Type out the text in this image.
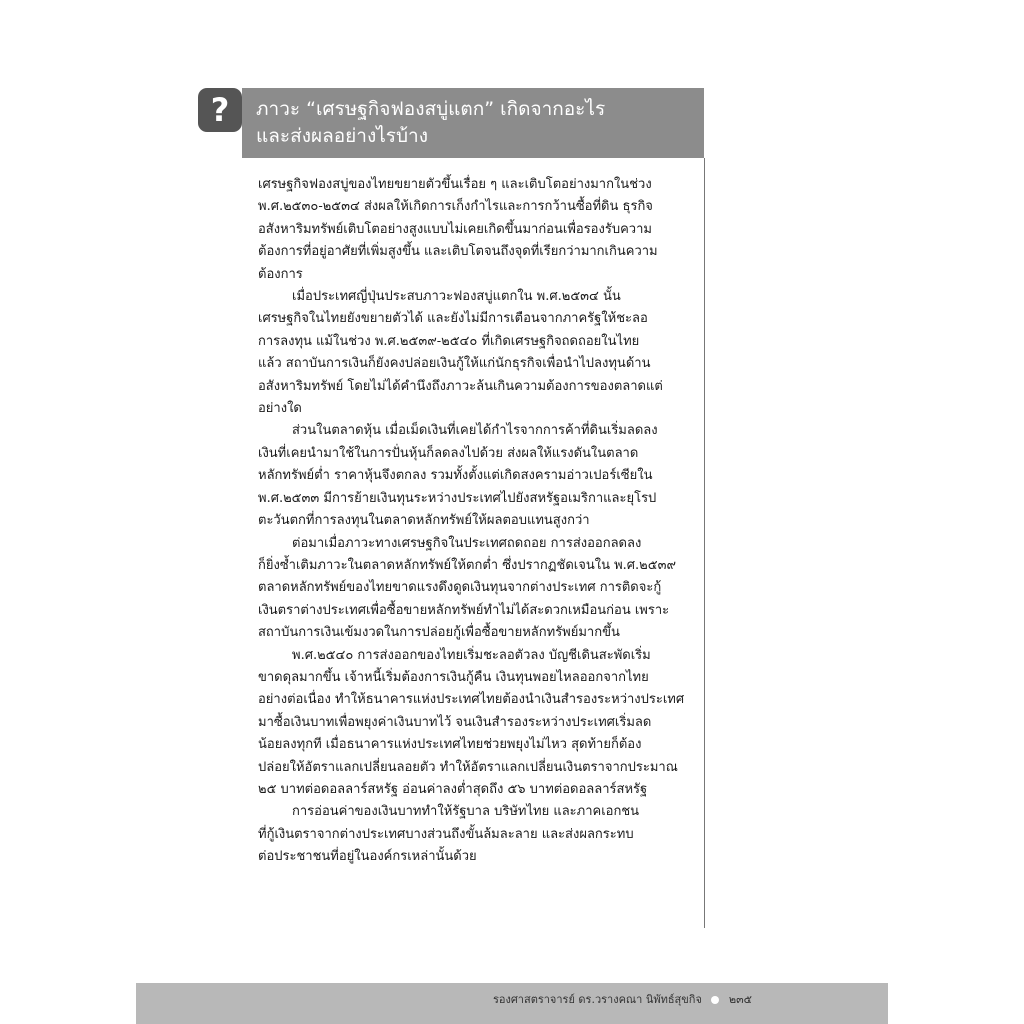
?	ภาวะ “เศรษฐกิจฟองสบู่แตก” เกิดจากอะไร
และส่งผลอย่างไรบ้าง

เศรษฐกิจฟองสบู่ของไทยขยายตัวขึ้นเรื่อย ๆ และเติบโตอย่างมากในช่วง
พ.ศ.๒๕๓๐-๒๕๓๔ ส่งผลให้เกิดการเก็งกำไรและการกว้านซื้อที่ดิน ธุรกิจ
อสังหาริมทรัพย์เติบโตอย่างสูงแบบไม่เคยเกิดขึ้นมาก่อนเพื่อรองรับความ
ต้องการที่อยู่อาศัยที่เพิ่มสูงขึ้น และเติบโตจนถึงจุดที่เรียกว่ามากเกินความ
ต้องการ

เมื่อประเทศญี่ปุ่นประสบภาวะฟองสบู่แตกใน พ.ศ.๒๕๓๔ นั้น
เศรษฐกิจในไทยยังขยายตัวได้ และยังไม่มีการเตือนจากภาครัฐให้ชะลอ
การลงทุน แม้ในช่วง พ.ศ.๒๕๓๙-๒๕๔๐ ที่เกิดเศรษฐกิจถดถอยในไทย
แล้ว สถาบันการเงินก็ยังคงปล่อยเงินกู้ให้แก่นักธุรกิจเพื่อนำไปลงทุนด้าน
อสังหาริมทรัพย์ โดยไม่ได้คำนึงถึงภาวะล้นเกินความต้องการของตลาดแต่
อย่างใด

ส่วนในตลาดหุ้น เมื่อเม็ดเงินที่เคยได้กำไรจากการค้าที่ดินเริ่มลดลง
เงินที่เคยนำมาใช้ในการปั่นหุ้นก็ลดลงไปด้วย ส่งผลให้แรงดันในตลาด
หลักทรัพย์ต่ำ ราคาหุ้นจึงตกลง รวมทั้งตั้งแต่เกิดสงครามอ่าวเปอร์เซียใน
พ.ศ.๒๕๓๓ มีการย้ายเงินทุนระหว่างประเทศไปยังสหรัฐอเมริกาและยุโรป
ตะวันตกที่การลงทุนในตลาดหลักทรัพย์ให้ผลตอบแทนสูงกว่า

ต่อมาเมื่อภาวะทางเศรษฐกิจในประเทศถดถอย การส่งออกลดลง
ก็ยิ่งซ้ำเติมภาวะในตลาดหลักทรัพย์ให้ตกต่ำ ซึ่งปรากฏชัดเจนใน พ.ศ.๒๕๓๙
ตลาดหลักทรัพย์ของไทยขาดแรงดึงดูดเงินทุนจากต่างประเทศ การติดจะกู้
เงินตราต่างประเทศเพื่อซื้อขายหลักทรัพย์ทำไม่ได้สะดวกเหมือนก่อน เพราะ
สถาบันการเงินเข้มงวดในการปล่อยกู้เพื่อซื้อขายหลักทรัพย์มากขึ้น

พ.ศ.๒๕๔๐ การส่งออกของไทยเริ่มชะลอตัวลง บัญชีเดินสะพัดเริ่ม
ขาดดุลมากขึ้น เจ้าหนี้เริ่มต้องการเงินกู้คืน เงินทุนพอยไหลออกจากไทย
อย่างต่อเนื่อง ทำให้ธนาคารแห่งประเทศไทยต้องนำเงินสำรองระหว่างประเทศ
มาซื้อเงินบาทเพื่อพยุงค่าเงินบาทไว้ จนเงินสำรองระหว่างประเทศเริ่มลด
น้อยลงทุกที เมื่อธนาคารแห่งประเทศไทยช่วยพยุงไม่ไหว สุดท้ายก็ต้อง
ปล่อยให้อัตราแลกเปลี่ยนลอยตัว ทำให้อัตราแลกเปลี่ยนเงินตราจากประมาณ
๒๕ บาทต่อดอลลาร์สหรัฐ อ่อนค่าลงต่ำสุดถึง ๕๖ บาทต่อดอลลาร์สหรัฐ

การอ่อนค่าของเงินบาททำให้รัฐบาล บริษัทไทย และภาคเอกชน
ที่กู้เงินตราจากต่างประเทศบางส่วนถึงขั้นล้มละลาย และส่งผลกระทบ
ต่อประชาชนที่อยู่ในองค์กรเหล่านั้นด้วย

รองศาสตราจารย์ ดร.วรางคณา นิพัทธ์สุขกิจ ๒๓๕
